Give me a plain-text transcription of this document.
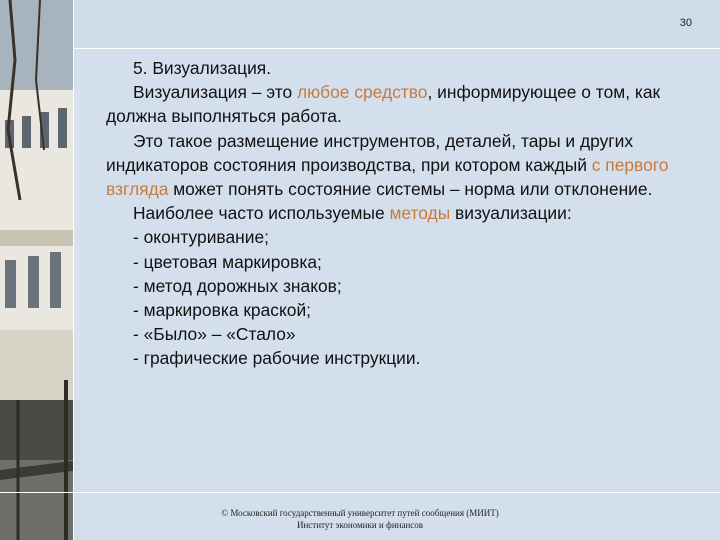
30

5. Визуализация.

Визуализация – это любое средство, информирующее о том, как должна выполняться работа.

Это такое размещение инструментов, деталей, тары и других индикаторов состояния производства, при котором каждый с первого взгляда может понять состояние системы – норма или отклонение.

Наиболее часто используемые методы визуализации:

- оконтуривание;

- цветовая маркировка;

- метод дорожных знаков;

- маркировка краской;

- «Было» – «Стало»

- графические рабочие инструкции.

© Московский государственный университет путей сообщения (МИИТ)
Институт экономики и финансов
